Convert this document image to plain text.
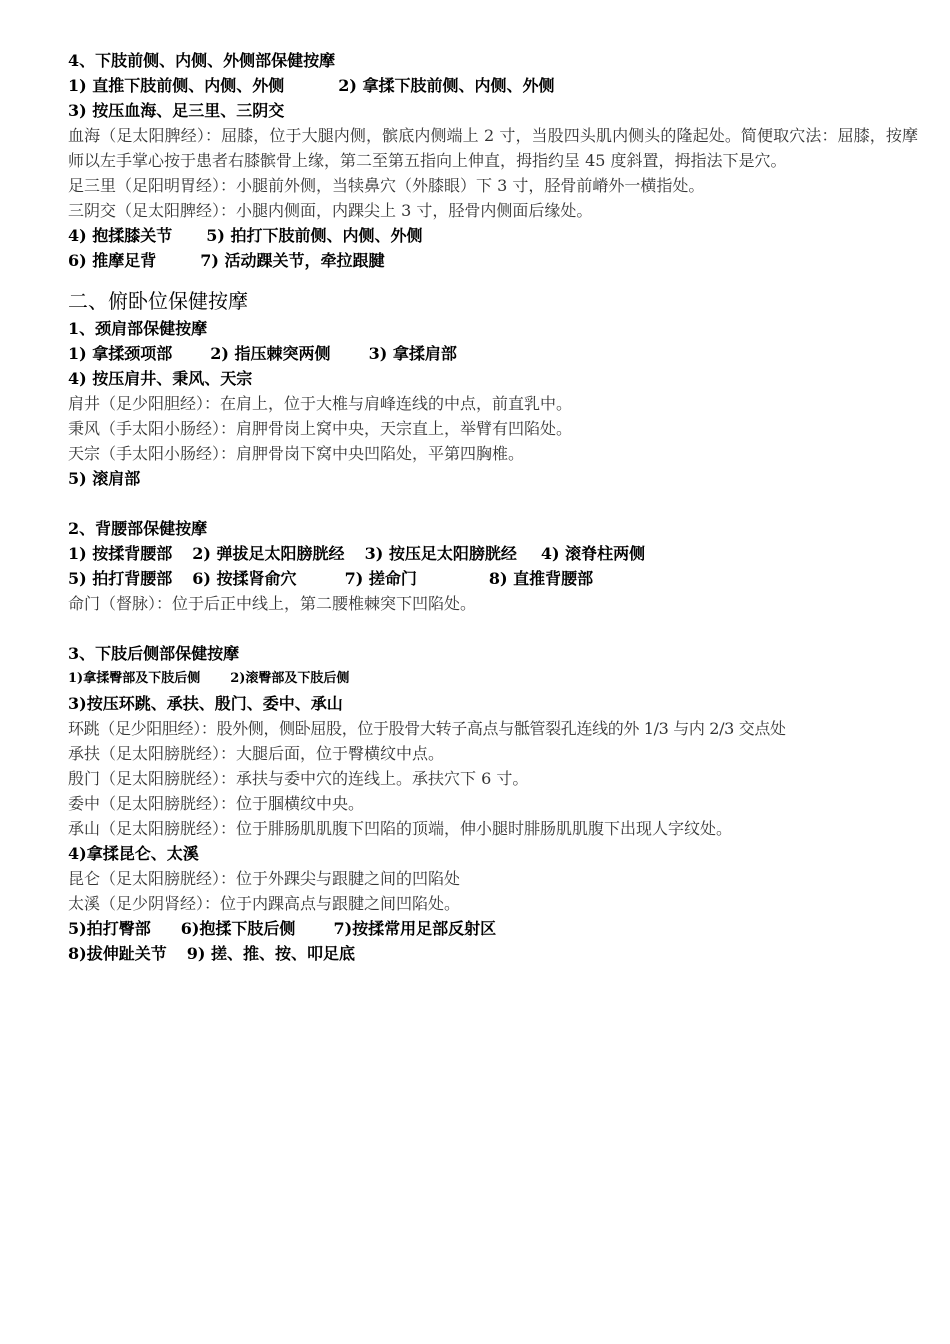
4、下肢前侧、内侧、外侧部保健按摩
1) 直推下肢前侧、内侧、外侧	2) 拿揉下肢前侧、内侧、外侧
3) 按压血海、足三里、三阴交
血海（足太阳脾经）：屈膝，位于大腿内侧，髌底内侧端上 2 寸，当股四头肌内侧头的隆起处。简便取穴法：屈膝，按摩师以左手掌心按于患者右膝髌骨上缘，第二至第五指向上伸直，拇指约呈 45 度斜置，拇指法下是穴。
足三里（足阳明胃经）：小腿前外侧，当犊鼻穴（外膝眼）下 3 寸，胫骨前嵴外一横指处。
三阴交（足太阳脾经）：小腿内侧面，内踝尖上 3 寸，胫骨内侧面后缘处。
4) 抱揉膝关节 5) 拍打下肢前侧、内侧、外侧
6) 推摩足背	7) 活动踝关节，牵拉跟腱
二、俯卧位保健按摩
1、颈肩部保健按摩
1) 拿揉颈项部 2) 指压棘突两侧 3) 拿揉肩部
4) 按压肩井、秉风、天宗
肩井（足少阳胆经）：在肩上，位于大椎与肩峰连线的中点，前直乳中。
秉风（手太阳小肠经）：肩胛骨岗上窝中央，天宗直上，举臂有凹陷处。
天宗（手太阳小肠经）：肩胛骨岗下窝中央凹陷处，平第四胸椎。
5) 滚肩部
2、背腰部保健按摩
1) 按揉背腰部 2) 弹拔足太阳膀胱经 3) 按压足太阳膀胱经 4) 滚脊柱两侧
5) 拍打背腰部 6) 按揉肾俞穴	7) 搓命门	8) 直推背腰部
命门（督脉）：位于后正中线上，第二腰椎棘突下凹陷处。
3、下肢后侧部保健按摩
1)拿揉臀部及下肢后侧 2)滚臀部及下肢后侧
3)按压环跳、承扶、殷门、委中、承山
环跳（足少阳胆经）：股外侧，侧卧屈股，位于股骨大转子高点与骶管裂孔连线的外 1/3 与内 2/3 交点处
承扶（足太阳膀胱经）：大腿后面，位于臀横纹中点。
殷门（足太阳膀胱经）：承扶与委中穴的连线上。承扶穴下 6 寸。
委中（足太阳膀胱经）：位于腘横纹中央。
承山（足太阳膀胱经）：位于腓肠肌肌腹下凹陷的顶端，伸小腿时腓肠肌肌腹下出现人字纹处。
4)拿揉昆仑、太溪
昆仑（足太阳膀胱经）：位于外踝尖与跟腱之间的凹陷处
太溪（足少阴肾经）：位于内踝高点与跟腱之间凹陷处。
5)拍打臀部 6)抱揉下肢后侧 7)按揉常用足部反射区
8)拔伸趾关节 9) 搓、推、按、叩足底
